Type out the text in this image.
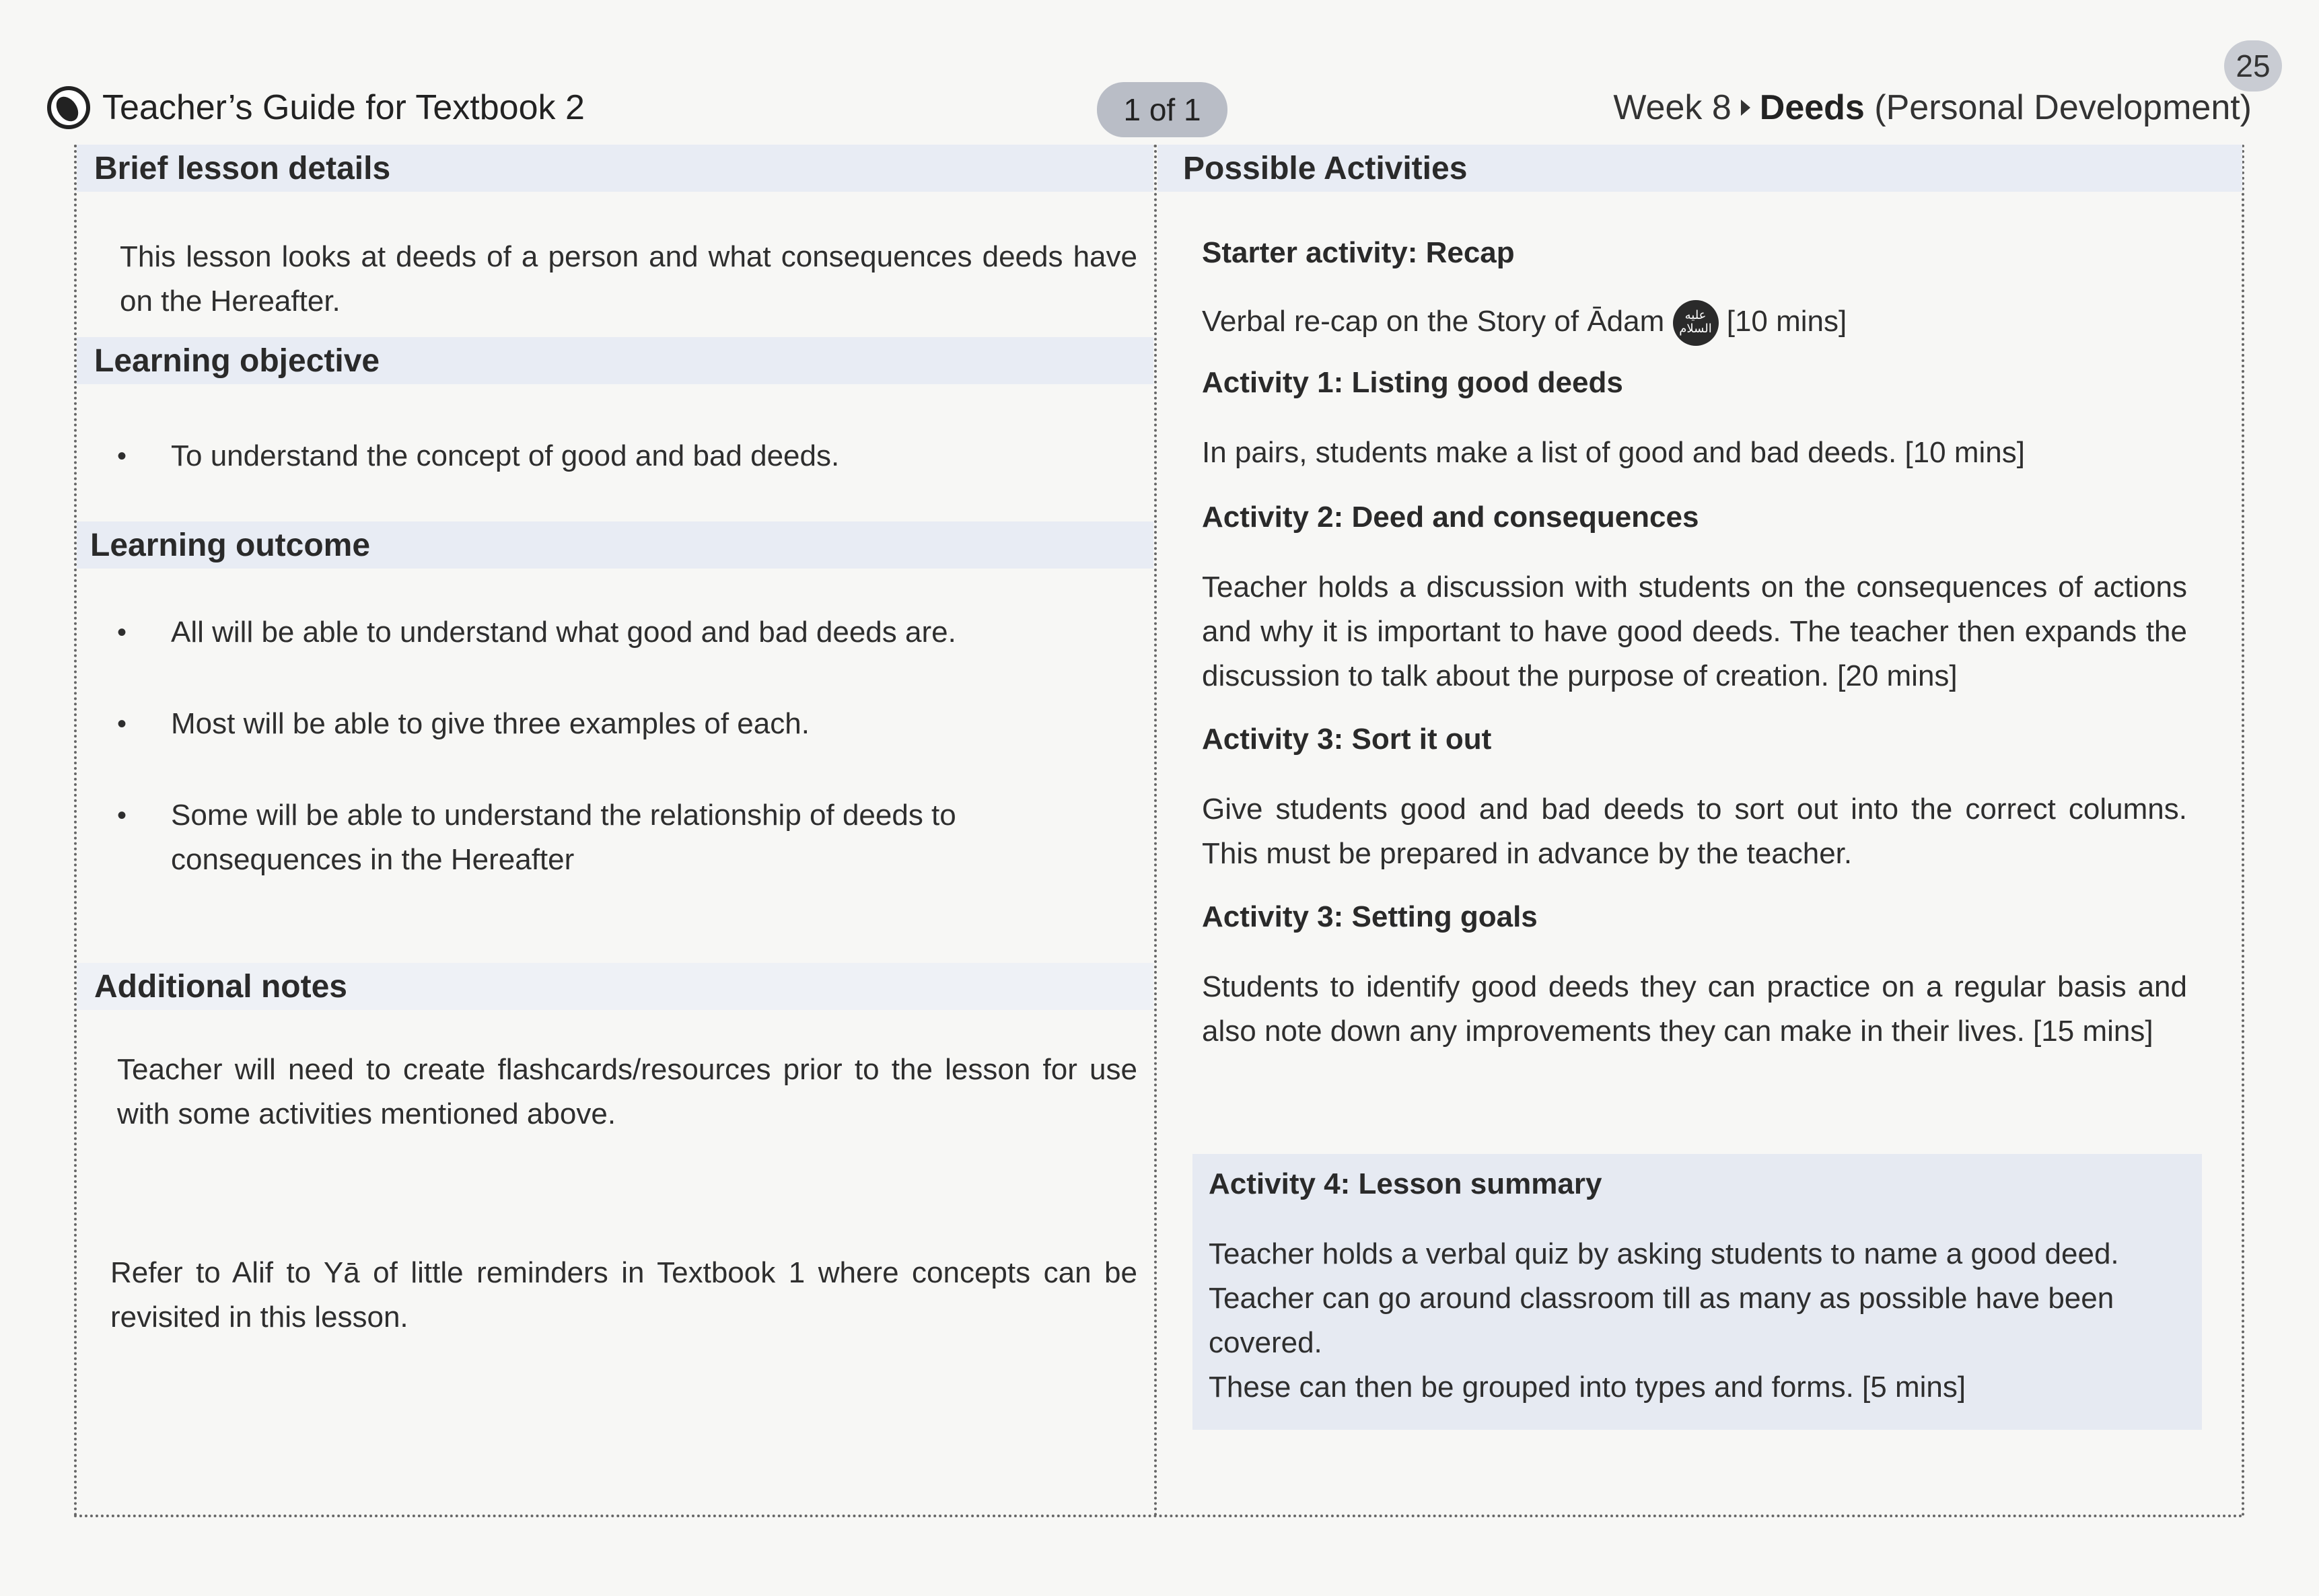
25
Teacher’s Guide for Textbook 2	1 of 1	Week 8 Deeds (Personal Development)
Brief lesson details
This lesson looks at deeds of a person and what consequences deeds have on the Hereafter.
Learning objective
• To understand the concept of good and bad deeds.
Learning outcome
• All will be able to understand what good and bad deeds are.
• Most will be able to give three examples of each.
• Some will be able to understand the relationship of deeds to consequences in the Hereafter
Additional notes
Teacher will need to create flashcards/resources prior to the lesson for use with some activities mentioned above.
Refer to Alif to Yā of little reminders in Textbook 1 where concepts can be revisited in this lesson.
Possible Activities
Starter activity: Recap
Verbal re-cap on the Story of Ādam عليه السلام [10 mins]
Activity 1: Listing good deeds
In pairs, students make a list of good and bad deeds. [10 mins]
Activity 2: Deed and consequences
Teacher holds a discussion with students on the consequences of actions and why it is important to have good deeds. The teacher then expands the discussion to talk about the purpose of creation. [20 mins]
Activity 3: Sort it out
Give students good and bad deeds to sort out into the correct columns. This must be prepared in advance by the teacher.
Activity 3: Setting goals
Students to identify good deeds they can practice on a regular basis and also note down any improvements they can make in their lives. [15 mins]
Activity 4: Lesson summary
Teacher holds a verbal quiz by asking students to name a good deed.
Teacher can go around classroom till as many as possible have been covered.
These can then be grouped into types and forms. [5 mins]
